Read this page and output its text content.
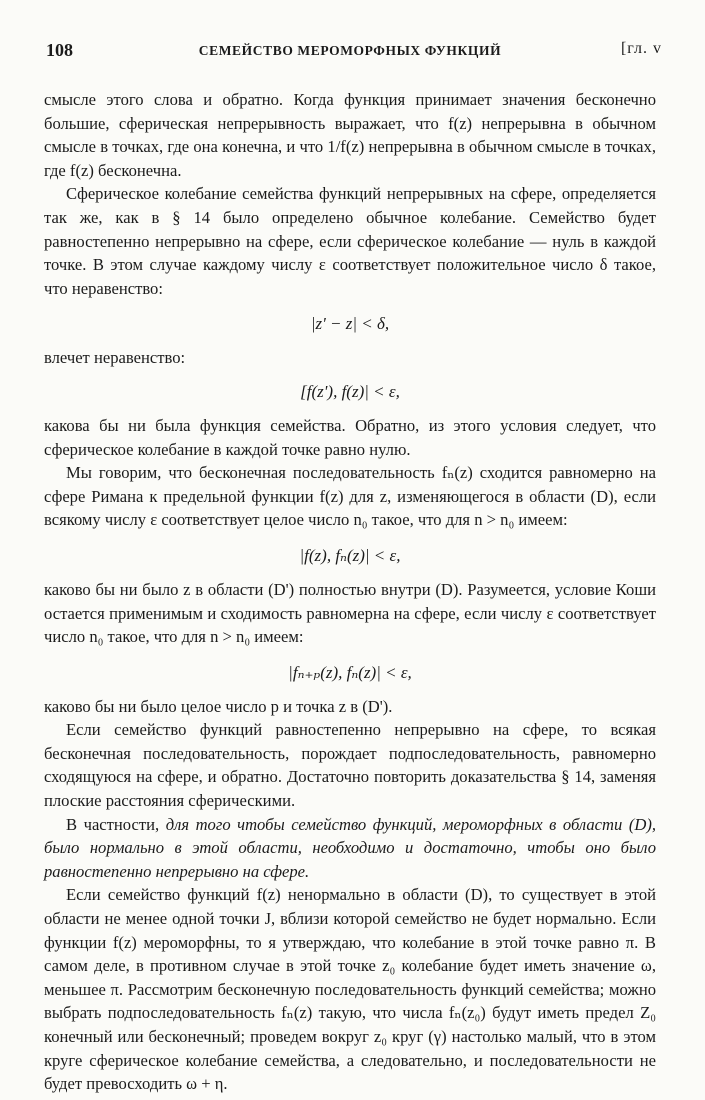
108	СЕМЕЙСТВО МЕРОМОРФНЫХ ФУНКЦИЙ	[гл. v

смысле этого слова и обратно. Когда функция принимает значения бесконечно большие, сферическая непрерывность выражает, что f(z) непрерывна в обычном смысле в точках, где она конечна, и что 1/f(z) непрерывна в обычном смысле в точках, где f(z) бесконечна.

Сферическое колебание семейства функций непрерывных на сфере, определяется так же, как в § 14 было определено обычное колебание. Семейство будет равностепенно непрерывно на сфере, если сферическое колебание — нуль в каждой точке. В этом случае каждому числу ε соответствует положительное число δ такое, что неравенство:

|z' − z| < δ,

влечет неравенство:

[f(z'), f(z)| < ε,

какова бы ни была функция семейства. Обратно, из этого условия следует, что сферическое колебание в каждой точке равно нулю.

Мы говорим, что бесконечная последовательность fₙ(z) сходится равномерно на сфере Римана к предельной функции f(z) для z, изменяющегося в области (D), если всякому числу ε соответствует целое число n₀ такое, что для n > n₀ имеем:

|f(z), fₙ(z)| < ε,

каково бы ни было z в области (D') полностью внутри (D). Разумеется, условие Коши остается применимым и сходимость равномерна на сфере, если числу ε соответствует число n₀ такое, что для n > n₀ имеем:

|fₙ₊ₚ(z), fₙ(z)| < ε,

каково бы ни было целое число p и точка z в (D').

Если семейство функций равностепенно непрерывно на сфере, то всякая бесконечная последовательность, порождает подпоследовательность, равномерно сходящуюся на сфере, и обратно. Достаточно повторить доказательства § 14, заменяя плоские расстояния сферическими.

В частности, для того чтобы семейство функций, мероморфных в области (D), было нормально в этой области, необходимо и достаточно, чтобы оно было равностепенно непрерывно на сфере.

Если семейство функций f(z) ненормально в области (D), то существует в этой области не менее одной точки J, вблизи которой семейство не будет нормально. Если функции f(z) мероморфны, то я утверждаю, что колебание в этой точке равно π. В самом деле, в противном случае в этой точке z₀ колебание будет иметь значение ω, меньшее π. Рассмотрим бесконечную последовательность функций семейства; можно выбрать подпоследовательность fₙ(z) такую, что числа fₙ(z₀) будут иметь предел Z₀ конечный или бесконечный; проведем вокруг z₀ круг (γ) настолько малый, что в этом круге сферическое колебание семейства, а следовательно, и последовательности не будет превосходить ω + η.
